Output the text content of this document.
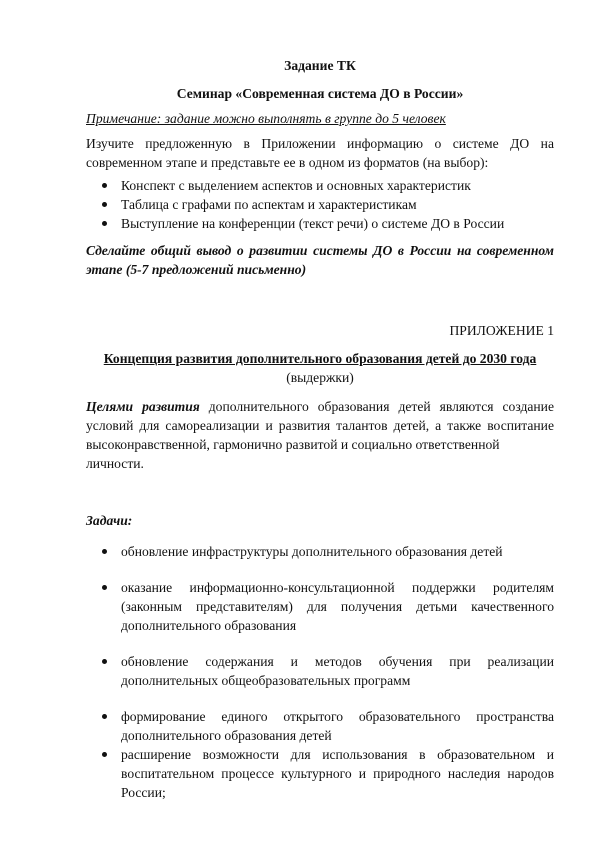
Задание ТК

Семинар «Современная система ДО в России»

Примечание: задание можно выполнять в группе до 5 человек
Изучите предложенную в Приложении информацию о системе ДО на современном этапе и представьте ее в одном из форматов (на выбор):
Конспект с выделением аспектов и основных характеристик
Таблица с графами по аспектам и характеристикам
Выступление на конференции (текст речи) о системе ДО в России
Сделайте общий вывод о развитии системы ДО в России на современном этапе (5-7 предложений письменно)
ПРИЛОЖЕНИЕ 1
Концепция развития дополнительного образования детей до 2030 года
(выдержки)
Целями развития дополнительного образования детей являются создание условий для самореализации и развития талантов детей, а также воспитание высоконравственной, гармонично развитой и социально ответственной
личности.
Задачи:
обновление инфраструктуры дополнительного образования детей
оказание информационно-консультационной поддержки родителям (законным представителям) для получения детьми качественного дополнительного образования
обновление содержания и методов обучения при реализации дополнительных общеобразовательных программ
формирование единого открытого образовательного пространства дополнительного образования детей
расширение возможности для использования в образовательном и воспитательном процессе культурного и природного наследия народов России;
